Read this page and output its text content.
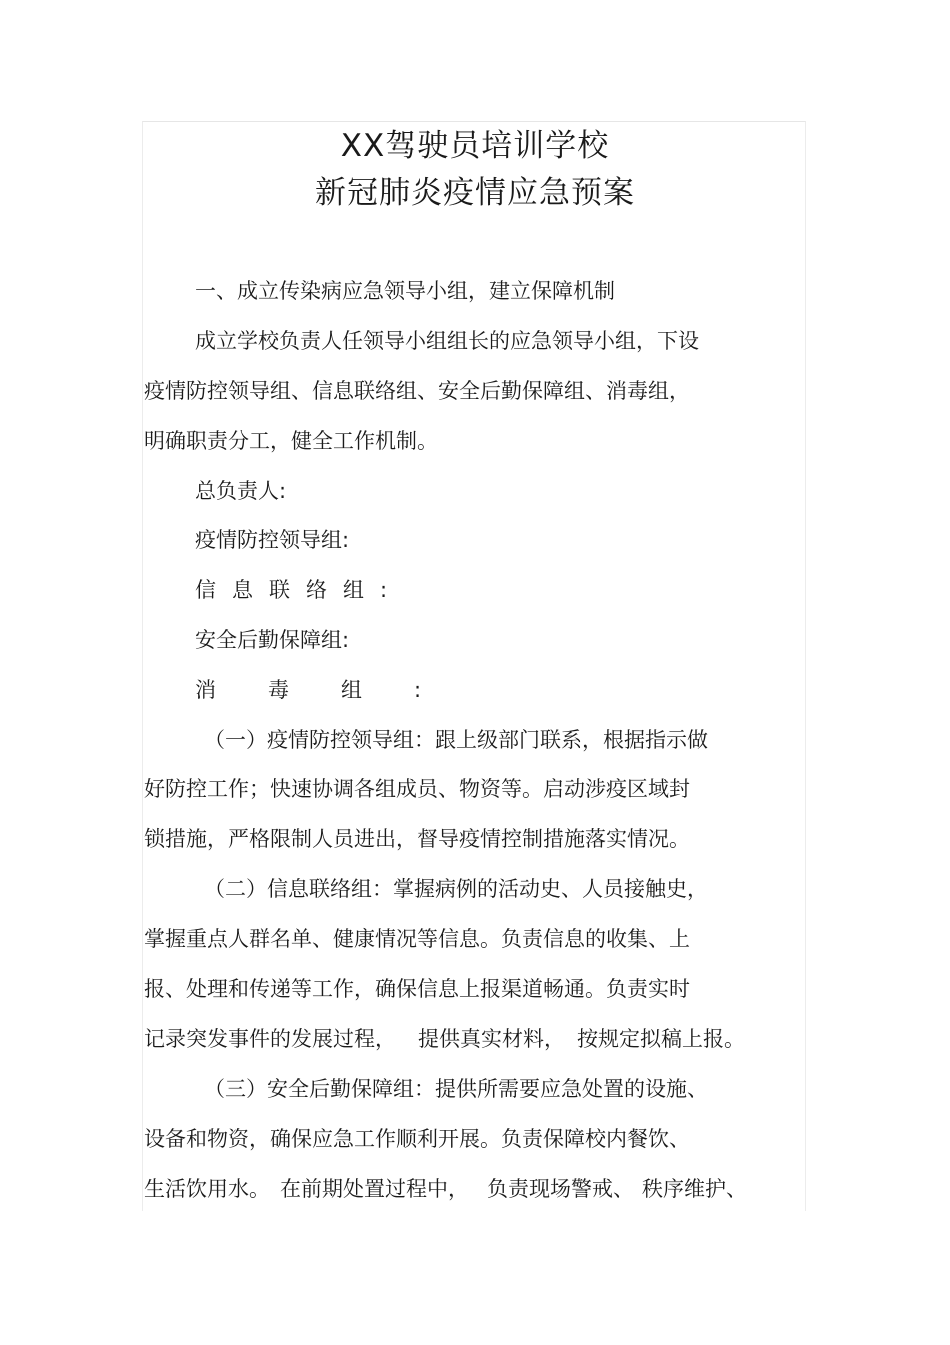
XX驾驶员培训学校
新冠肺炎疫情应急预案
一、成立传染病应急领导小组，建立保障机制
成立学校负责人任领导小组组长的应急领导小组，下设
疫情防控领导组、信息联络组、安全后勤保障组、消毒组，
明确职责分工，健全工作机制。
总负责人:
疫情防控领导组:
信息联络组:
安全后勤保障组:
消毒组:
（一）疫情防控领导组：跟上级部门联系，根据指示做
好防控工作；快速协调各组成员、物资等。启动涉疫区域封
锁措施，严格限制人员进出，督导疫情控制措施落实情况。
（二）信息联络组：掌握病例的活动史、人员接触史，
掌握重点人群名单、健康情况等信息。负责信息的收集、上
报、处理和传递等工作，确保信息上报渠道畅通。负责实时
记录突发事件的发展过程， 提供真实材料， 按规定拟稿上报。
（三）安全后勤保障组：提供所需要应急处置的设施、
设备和物资，确保应急工作顺利开展。负责保障校内餐饮、
生活饮用水。 在前期处置过程中， 负责现场警戒、 秩序维护、
